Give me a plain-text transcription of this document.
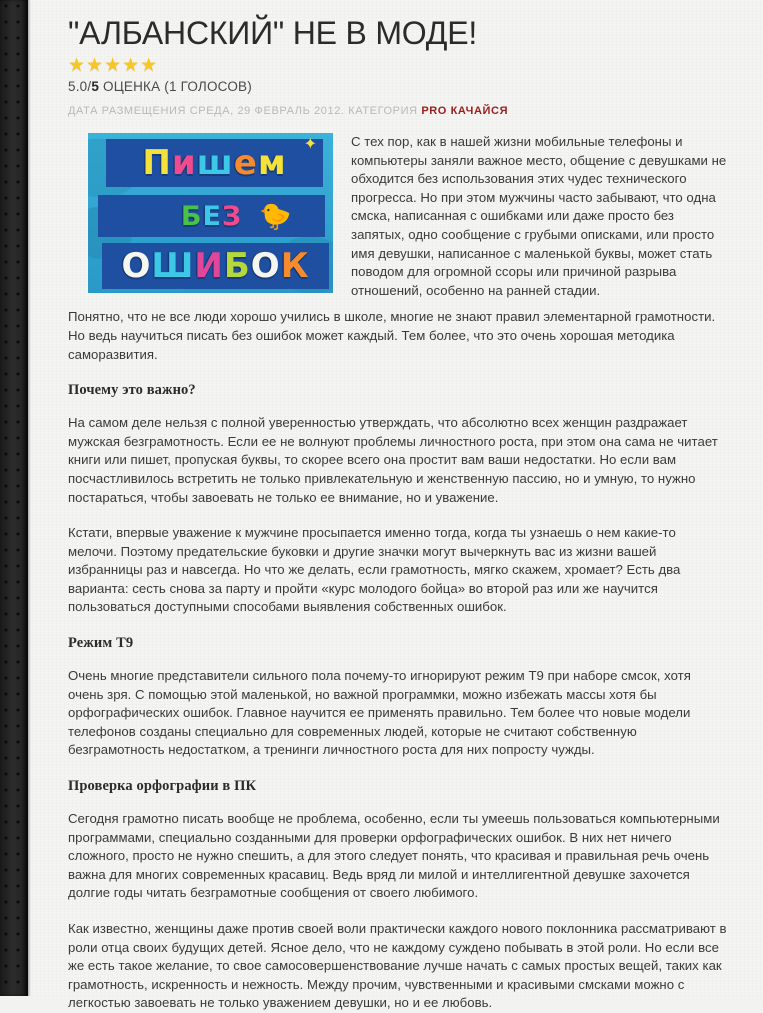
"АЛБАНСКИЙ" НЕ В МОДЕ!
★★★★★
5.0/5 ОЦЕНКА (1 ГОЛОСОВ)
ДАТА РАЗМЕЩЕНИЯ СРЕДА, 29 ФЕВРАЛЬ 2012. КАТЕГОРИЯ PRO КАЧАЙСЯ
Пишем
БЕЗ
ОШИБОК
🐤
✦	С тех пор, как в нашей жизни мобильные телефоны и компьютеры заняли важное место, общение с девушками не обходится без использования этих чудес технического прогресса. Но при этом мужчины часто забывают, что одна смска, написанная с ошибками или даже просто без запятых, одно сообщение с грубыми описками, или просто имя девушки, написанное с маленькой буквы, может стать поводом для огромной ссоры или причиной разрыва отношений, особенно на ранней стадии.

Понятно, что не все люди хорошо учились в школе, многие не знают правил элементарной грамотности. Но ведь научиться писать без ошибок может каждый. Тем более, что это очень хорошая методика саморазвития.

Почему это важно?

На самом деле нельзя с полной уверенностью утверждать, что абсолютно всех женщин раздражает мужская безграмотность. Если ее не волнуют проблемы личностного роста, при этом она сама не читает книги или пишет, пропуская буквы, то скорее всего она простит вам ваши недостатки. Но если вам посчастливилось встретить не только привлекательную и женственную пассию, но и умную, то нужно постараться, чтобы завоевать не только ее внимание, но и уважение.

Кстати, впервые уважение к мужчине просыпается именно тогда, когда ты узнаешь о нем какие-то мелочи. Поэтому предательские буковки и другие значки могут вычеркнуть вас из жизни вашей избранницы раз и навсегда. Но что же делать, если грамотность, мягко скажем, хромает? Есть два варианта: сесть снова за парту и пройти «курс молодого бойца» во второй раз или же научится пользоваться доступными способами выявления собственных ошибок.

Режим Т9

Очень многие представители сильного пола почему-то игнорируют режим Т9 при наборе смсок, хотя очень зря. С помощью этой маленькой, но важной программки, можно избежать массы хотя бы орфографических ошибок. Главное научится ее применять правильно. Тем более что новые модели телефонов созданы специально для современных людей, которые не считают собственную безграмотность недостатком, а тренинги личностного роста для них попросту чужды.

Проверка орфографии в ПК

Сегодня грамотно писать вообще не проблема, особенно, если ты умеешь пользоваться компьютерными программами, специально созданными для проверки орфографических ошибок. В них нет ничего сложного, просто не нужно спешить, а для этого следует понять, что красивая и правильная речь очень важна для многих современных красавиц. Ведь вряд ли милой и интеллигентной девушке захочется долгие годы читать безграмотные сообщения от своего любимого.

Как известно, женщины даже против своей воли практически каждого нового поклонника рассматривают в роли отца своих будущих детей. Ясное дело, что не каждому суждено побывать в этой роли. Но если все же есть такое желание, то свое самосовершенствование лучше начать с самых простых вещей, таких как грамотность, искренность и нежность. Между прочим, чувственными и красивыми смсками можно с легкостью завоевать не только уважением девушки, но и ее любовь.
